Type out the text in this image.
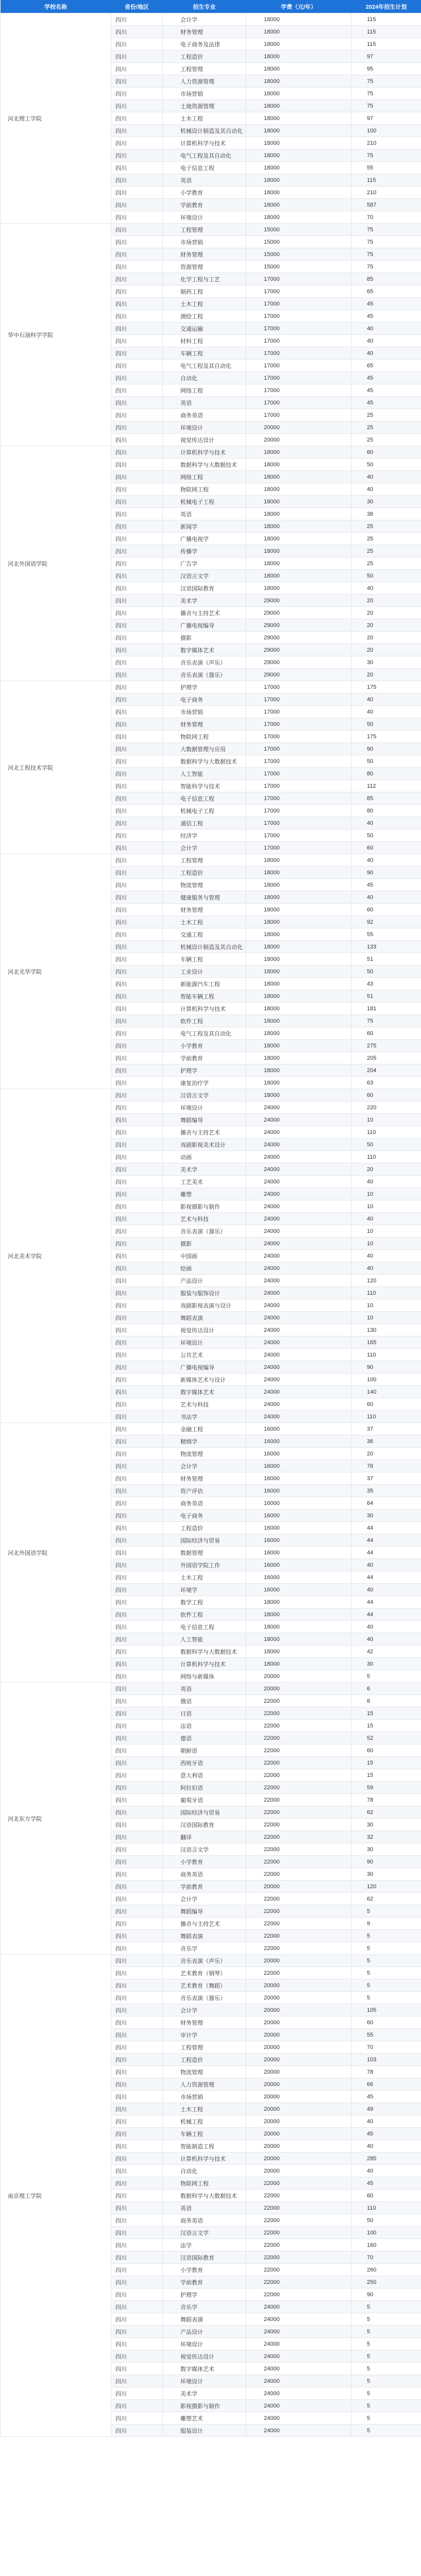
学校名称	省份/地区	招生专业	学费（元/年）	2024年招生计划
河北理工学院	四川	会计学	18000	115
	四川	财务管理	18000	115
	四川	电子商务及法律	18000	115
	四川	工程造价	18000	97
	四川	工程管理	18000	95
	四川	人力资源管理	18000	75
	四川	市场营销	18000	75
	四川	土地资源管理	18000	75
	四川	土木工程	18000	97
	四川	机械设计制造及其自动化	18000	100
	四川	计算机科学与技术	18000	210
	四川	电气工程及其自动化	18000	75
	四川	电子信息工程	18000	55
	四川	英语	18000	115
	四川	小学教育	18000	210
	四川	学前教育	18000	587
	四川	环境设计	18000	70
华中石油科学学院	四川	工程管理	15000	75
	四川	市场营销	15000	75
	四川	财务管理	15000	75
	四川	资源管理	15000	75
	四川	化学工程与工艺	17000	85
	四川	制药工程	17000	65
	四川	土木工程	17000	45
	四川	测绘工程	17000	45
	四川	交通运输	17000	40
	四川	材料工程	17000	40
	四川	车辆工程	17000	40
	四川	电气工程及其自动化	17000	65
	四川	自动化	17000	45
	四川	网络工程	17000	45
	四川	英语	17000	45
	四川	商务英语	17000	25
	四川	环境设计	20000	25
	四川	视觉传达设计	20000	25
河北外国语学院	四川	计算机科学与技术	18000	60
	四川	数据科学与大数据技术	18000	50
	四川	网络工程	18000	40
	四川	物联网工程	18000	40
	四川	机械电子工程	18000	30
	四川	英语	18000	38
	四川	新闻学	18000	25
	四川	广播电视学	18000	25
	四川	传播学	18000	25
	四川	广告学	18000	25
	四川	汉语言文学	18000	50
	四川	汉语国际教育	18000	40
	四川	美术学	29000	20
	四川	播音与主持艺术	29000	20
	四川	广播电视编导	29000	20
	四川	摄影	29000	20
	四川	数字媒体艺术	29000	20
	四川	音乐表演（声乐）	29000	30
	四川	音乐表演（器乐）	29000	20
河北工程技术学院	四川	护理学	17000	175
	四川	电子商务	17000	40
	四川	市场营销	17000	40
	四川	财务管理	17000	50
	四川	物联网工程	17000	175
	四川	大数据管理与应用	17000	90
	四川	数据科学与大数据技术	17000	50
	四川	人工智能	17000	80
	四川	智能科学与技术	17000	112
	四川	电子信息工程	17000	85
	四川	机械电子工程	17000	80
	四川	通信工程	17000	40
	四川	经济学	17000	50
	四川	会计学	17000	60
河北光华学院	四川	工程管理	18000	40
	四川	工程造价	18000	90
	四川	物流管理	18000	45
	四川	健康服务与管理	18000	40
	四川	财务管理	18000	60
	四川	土木工程	18000	92
	四川	交通工程	18000	55
	四川	机械设计制造及其自动化	18000	133
	四川	车辆工程	18000	51
	四川	工业设计	18000	50
	四川	新能源汽车工程	18000	43
	四川	智能车辆工程	18000	51
	四川	计算机科学与技术	18000	181
	四川	软件工程	18000	75
	四川	电气工程及其自动化	18000	60
	四川	小学教育	18000	275
	四川	学前教育	18000	205
	四川	护理学	18000	204
	四川	康复治疗学	18000	63
河北美术学院	四川	汉语言文学	18000	60
	四川	环境设计	24000	220
	四川	舞蹈编导	24000	10
	四川	播音与主持艺术	24000	110
	四川	戏剧影视美术设计	24000	50
	四川	动画	24000	110
	四川	美术学	24000	20
	四川	工艺美术	24000	40
	四川	雕塑	24000	10
	四川	影视摄影与制作	24000	10
	四川	艺术与科技	24000	40
	四川	音乐表演（器乐）	24000	10
	四川	摄影	24000	10
	四川	中国画	24000	40
	四川	绘画	24000	40
	四川	产品设计	24000	120
	四川	服装与服饰设计	24000	110
	四川	戏剧影视表演与设计	24000	10
	四川	舞蹈表演	24000	10
	四川	视觉传达设计	24000	130
	四川	环境设计	24000	165
	四川	公共艺术	24000	110
	四川	广播电视编导	24000	90
	四川	新媒体艺术与设计	24000	100
	四川	数字媒体艺术	24000	140
	四川	艺术与科技	24000	60
	四川	书法学	24000	110
河北外国语学院	四川	金融工程	16000	37
	四川	精细学	16000	36
	四川	物流管理	16000	20
	四川	会计学	16000	76
	四川	财务管理	16000	37
	四川	资产评估	16000	35
	四川	商务英语	16000	64
	四川	电子商务	16000	30
	四川	工程造价	16000	44
	四川	国际经济与贸易	16000	44
	四川	数据管理	16000	44
	四川	外国语学院工作	16000	40
	四川	土木工程	16000	44
	四川	环境学	16000	40
	四川	数学工程	18000	44
	四川	软件工程	18000	44
	四川	电子信息工程	18000	40
	四川	人工智能	18000	40
	四川	数据科学与大数据技术	18000	42
	四川	计算机科学与技术	18000	30
	四川	网络与新媒体	20000	5
河北东方学院	四川	英语	20000	6
	四川	俄语	22000	8
	四川	日语	22000	15
	四川	法语	22000	15
	四川	德语	22000	52
	四川	朝鲜语	22000	60
	四川	西班牙语	22000	15
	四川	意大利语	22000	15
	四川	阿拉伯语	22000	59
	四川	葡萄牙语	22000	78
	四川	国际经济与贸易	22000	62
	四川	汉语国际教育	22000	30
	四川	翻译	22000	32
	四川	汉语言文学	22000	30
	四川	小学教育	22000	90
	四川	商务英语	22000	30
	四川	学前教育	20000	120
	四川	会计学	22000	62
	四川	舞蹈编导	22000	5
	四川	播音与主持艺术	22000	9
	四川	舞蹈表演	22000	5
	四川	音乐学	22000	5
南京理工学院	四川	音乐表演（声乐）	20000	5
	四川	艺术教育（钢琴）	22000	5
	四川	艺术教育（舞蹈）	20000	5
	四川	音乐表演（器乐）	20000	5
	四川	会计学	20000	105
	四川	财务管理	20000	60
	四川	审计学	20000	55
	四川	工程管理	20000	70
	四川	工程造价	20000	103
	四川	物流管理	20000	78
	四川	人力资源管理	20000	66
	四川	市场营销	20000	45
	四川	土木工程	20000	49
	四川	机械工程	20000	40
	四川	车辆工程	20000	45
	四川	智能制造工程	20000	40
	四川	计算机科学与技术	20000	285
	四川	自动化	20000	40
	四川	物联网工程	22000	45
	四川	数据科学与大数据技术	22000	60
	四川	英语	22000	110
	四川	商务英语	22000	50
	四川	汉语言文学	22000	100
	四川	法学	22000	160
	四川	汉语国际教育	22000	70
	四川	小学教育	22000	260
	四川	学前教育	22000	250
	四川	护理学	22000	90
	四川	音乐学	24000	5
	四川	舞蹈表演	24000	5
	四川	产品设计	24000	5
	四川	环境设计	24000	5
	四川	视觉传达设计	24000	5
	四川	数字媒体艺术	24000	5
	四川	环境设计	24000	5
	四川	美术学	24000	5
	四川	影视摄影与制作	24000	5
	四川	雕塑艺术	24000	5
	四川	服装设计	24000	5
